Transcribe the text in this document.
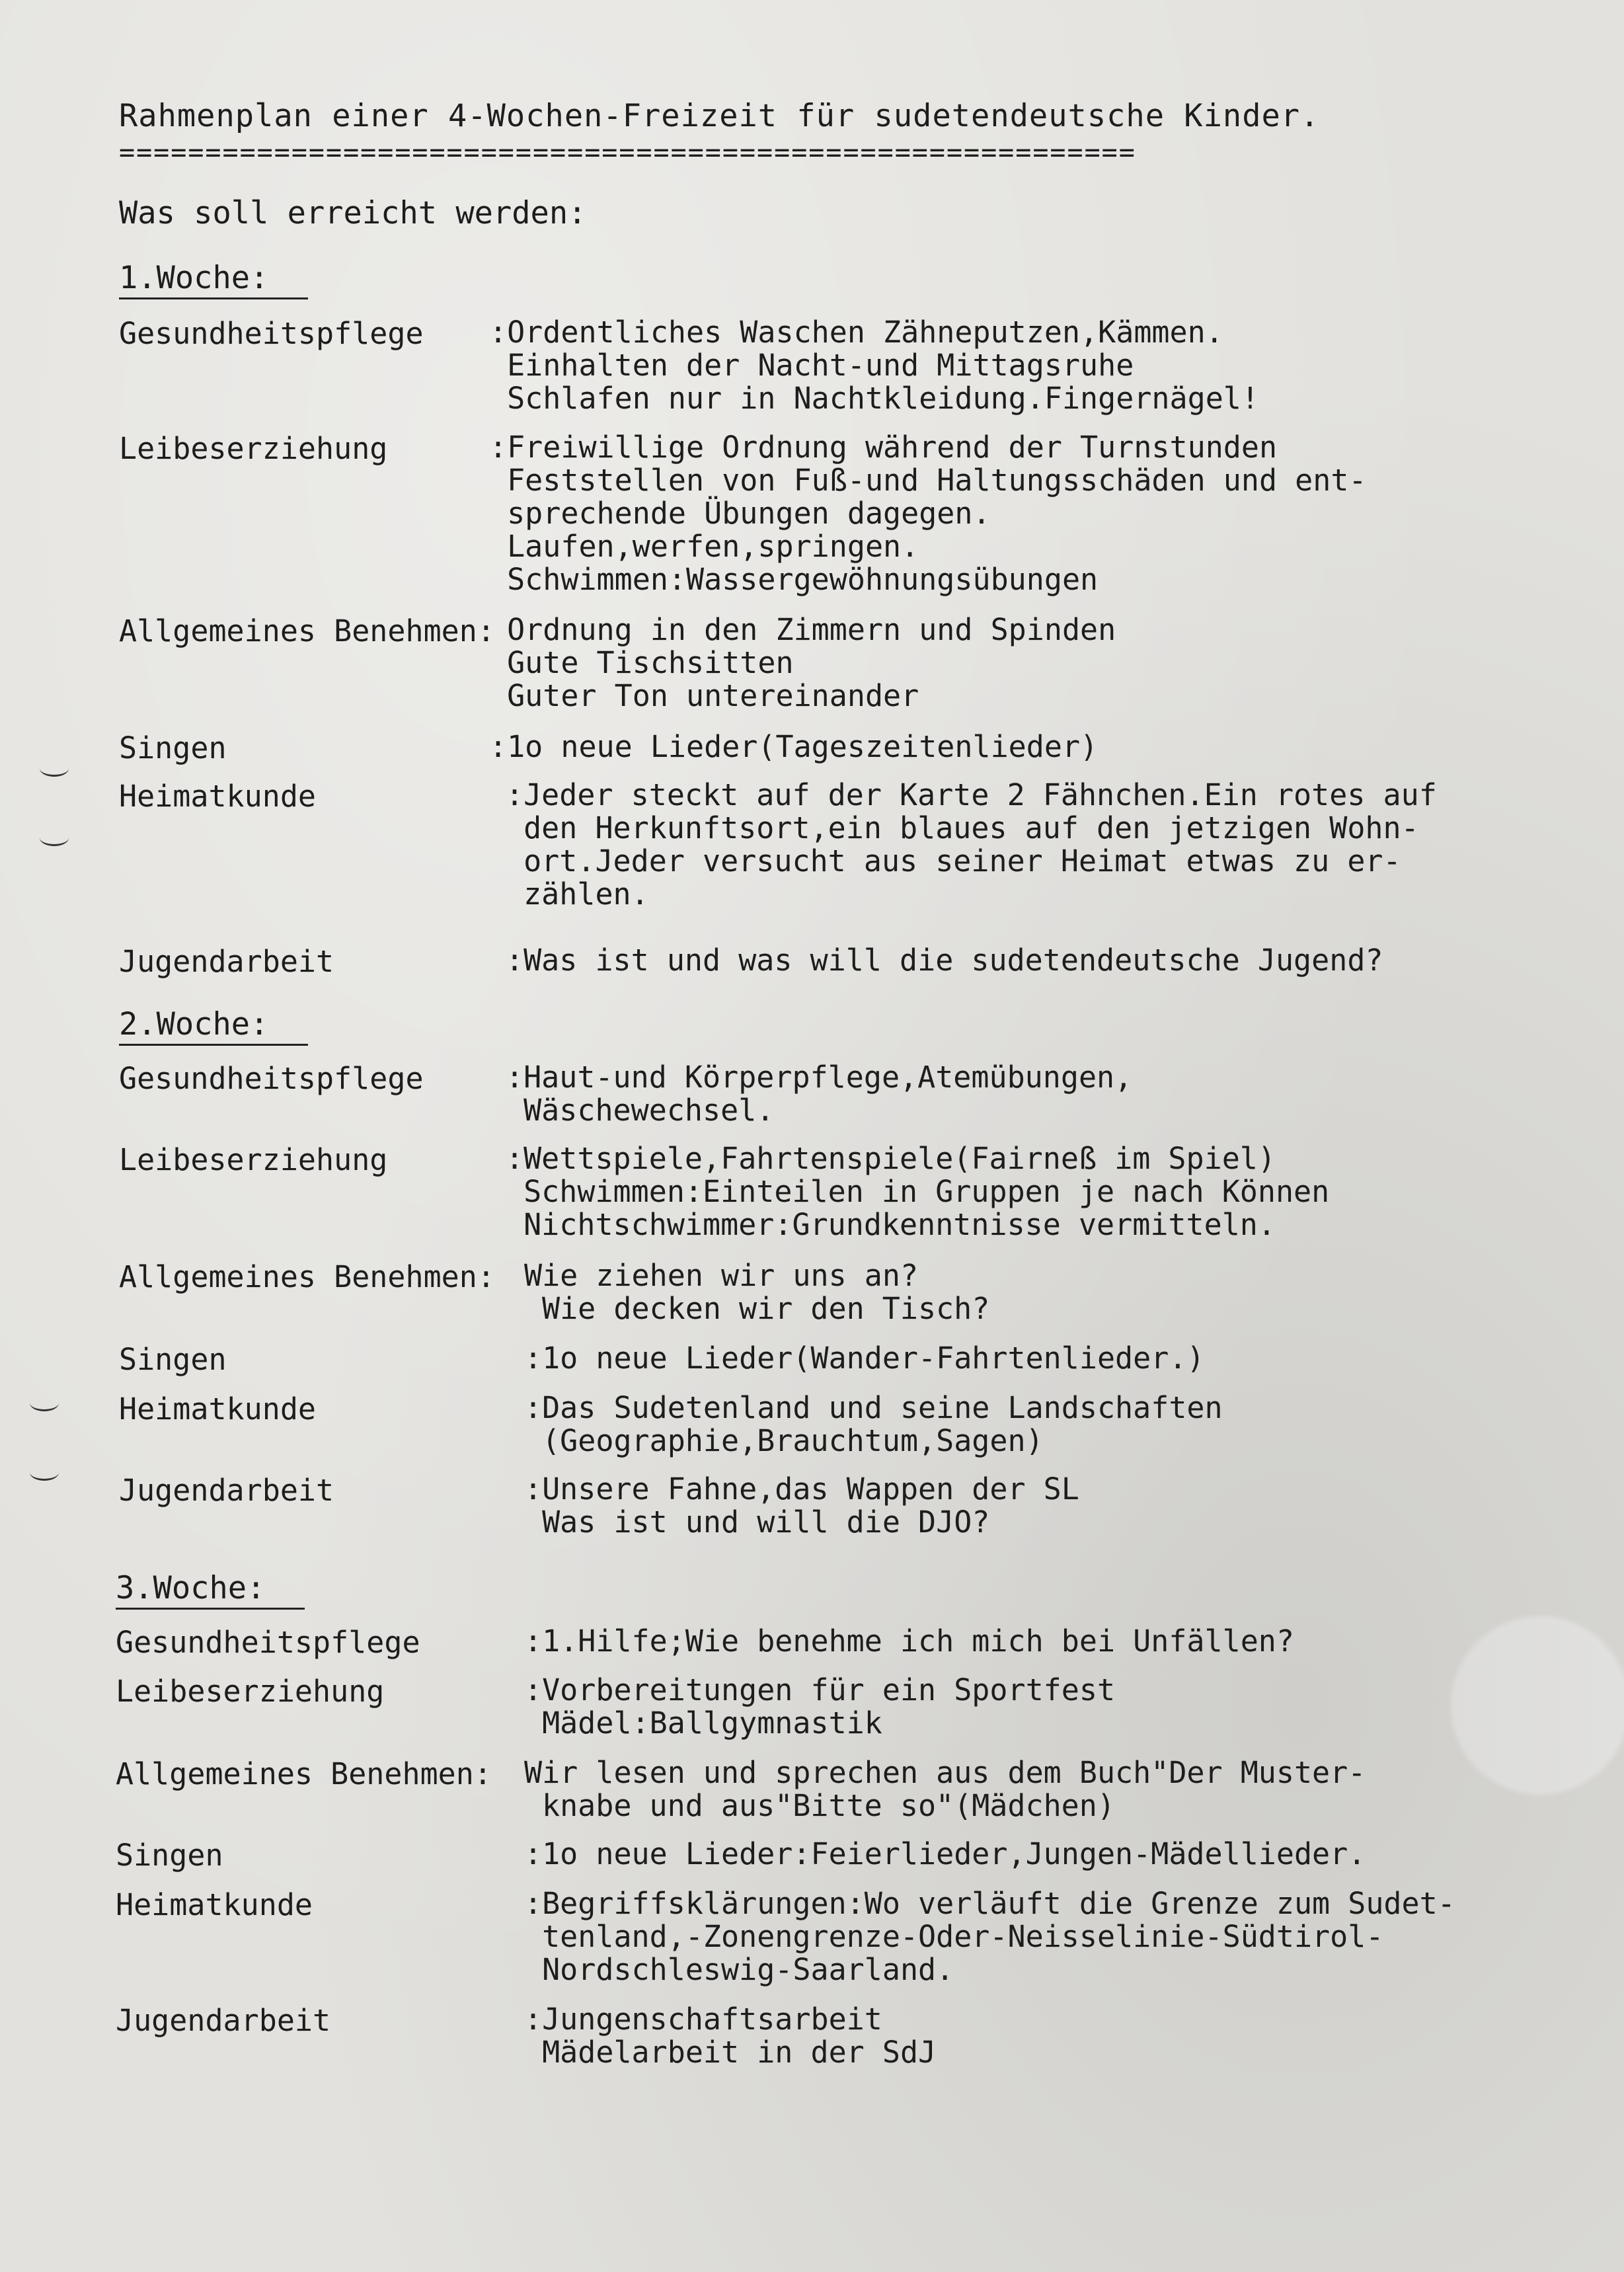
Rahmenplan einer 4-Wochen-Freizeit für sudetendeutsche Kinder.
===========================================================
Was soll erreicht werden:
1.Woche:
Gesundheitspflege :Ordentliches Waschen Zähneputzen,Kämmen.
Einhalten der Nacht-und Mittagsruhe
Schlafen nur in Nachtkleidung.Fingernägel!
Leibeserziehung	:Freiwillige Ordnung während der Turnstunden
Feststellen von Fuß-und Haltungsschäden und ent-
sprechende Übungen dagegen.
Laufen,werfen,springen.
Schwimmen:Wassergewöhnungsübungen
Allgemeines Benehmen:
Ordnung in den Zimmern und Spinden
Gute Tischsitten
Guter Ton untereinander
Singen	:1o neue Lieder(Tageszeitenlieder)
Heimatkunde	:Jeder steckt auf der Karte 2 Fähnchen.Ein rotes auf
den Herkunftsort,ein blaues auf den jetzigen Wohn-
ort.Jeder versucht aus seiner Heimat etwas zu er-
zählen.
Jugendarbeit	:Was ist und was will die sudetendeutsche Jugend?
2.Woche:
Gesundheitspflege	:Haut-und Körperpflege,Atemübungen,
Wäschewechsel.
Leibeserziehung	:Wettspiele,Fahrtenspiele(Fairneß im Spiel)
Schwimmen:Einteilen in Gruppen je nach Können
Nichtschwimmer:Grundkenntnisse vermitteln.
Allgemeines Benehmen: Wie ziehen wir uns an?
Wie decken wir den Tisch?
Singen	:1o neue Lieder(Wander-Fahrtenlieder.)
Heimatkunde	:Das Sudetenland und seine Landschaften
(Geographie,Brauchtum,Sagen)
Jugendarbeit	:Unsere Fahne,das Wappen der SL
Was ist und will die DJO?
3.Woche:
Gesundheitspflege	:1.Hilfe;Wie benehme ich mich bei Unfällen?
Leibeserziehung	:Vorbereitungen für ein Sportfest
Mädel:Ballgymnastik
Allgemeines Benehmen: Wir lesen und sprechen aus dem Buch"Der Muster-
knabe und aus"Bitte so"(Mädchen)
Singen	:1o neue Lieder:Feierlieder,Jungen-Mädellieder.
Heimatkunde	:Begriffsklärungen:Wo verläuft die Grenze zum Sudet-
tenland,-Zonengrenze-Oder-Neisselinie-Südtirol-
Nordschleswig-Saarland.
Jugendarbeit	:Jungenschaftsarbeit
Mädelarbeit in der SdJ
